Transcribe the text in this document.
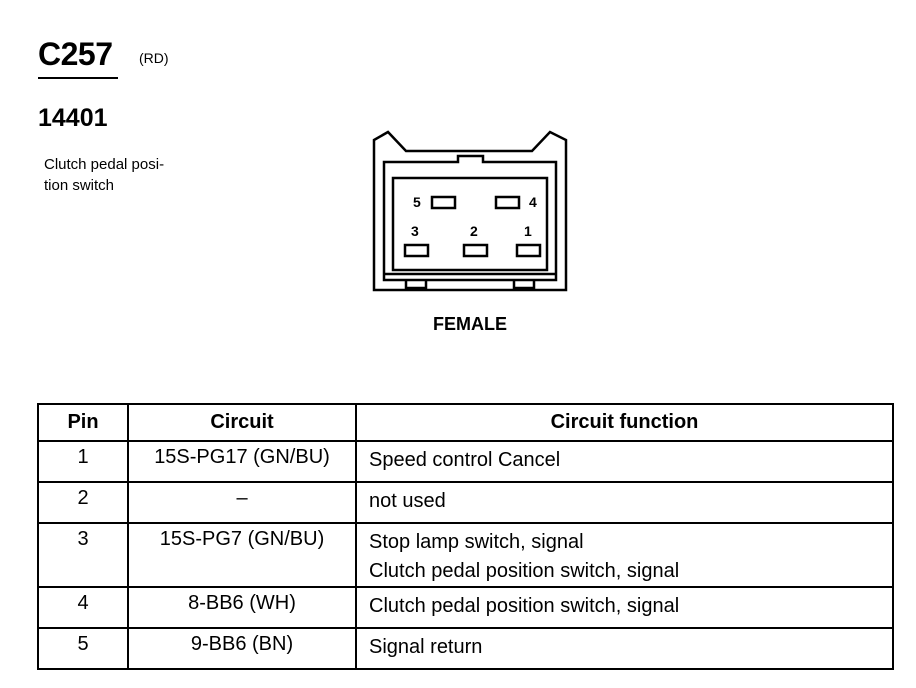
C257 (RD)
14401
Clutch pedal posi-
tion switch
5	4
3	2	1
FEMALE
Pin	Circuit	Circuit function
1	15S-PG17 (GN/BU)	Speed control Cancel

2	–	not used

3	15S-PG7 (GN/BU)	Stop lamp switch, signal
Clutch pedal position switch, signal

4	8-BB6 (WH)	Clutch pedal position switch, signal

5	9-BB6 (BN)	Signal return
